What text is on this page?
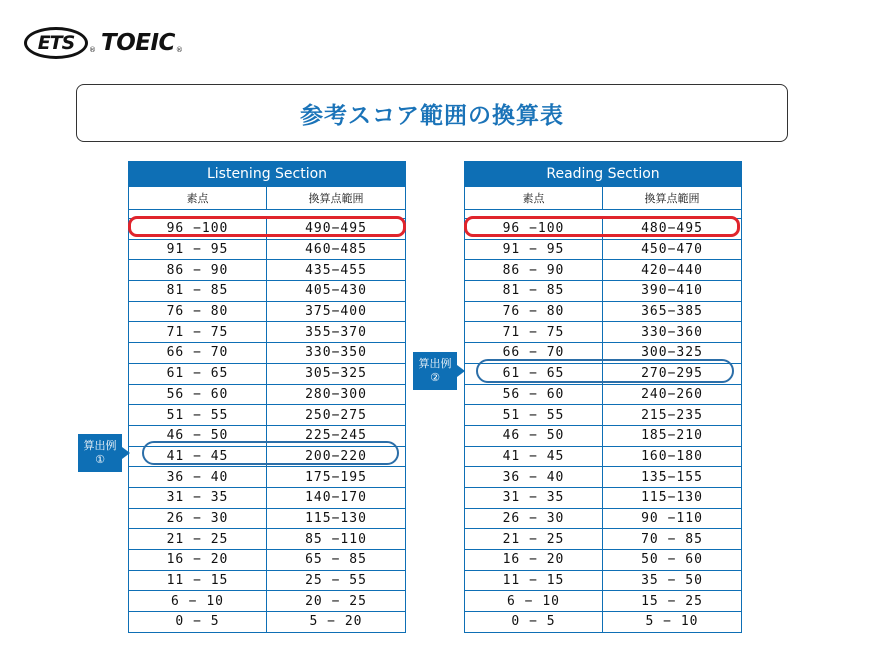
ETS	® TOEIC ®
参考スコア範囲の換算表
Listening Section	
素点	換算点範囲

96 −100	490−495
91 − 95	460−485
86 − 90	435−455
81 − 85	405−430
76 − 80	375−400
71 − 75	355−370
66 − 70	330−350
61 − 65	305−325
56 − 60	280−300
51 − 55	250−275
46 − 50	225−245
41 − 45	200−220
36 − 40	175−195
31 − 35	140−170
26 − 30	115−130
21 − 25	85 −110
16 − 20	65 − 85
11 − 15	25 − 55
6 − 10	20 − 25
0 − 5	5 − 20
Reading Section	
素点	換算点範囲

96 −100	480−495
91 − 95	450−470
86 − 90	420−440
81 − 85	390−410
76 − 80	365−385
71 − 75	330−360
66 − 70	300−325
61 − 65	270−295
56 − 60	240−260
51 − 55	215−235
46 − 50	185−210
41 − 45	160−180
36 − 40	135−155
31 − 35	115−130
26 − 30	90 −110
21 − 25	70 − 85
16 − 20	50 − 60
11 − 15	35 − 50
6 − 10	15 − 25
0 − 5	5 − 10
算出例
①
算出例
②
